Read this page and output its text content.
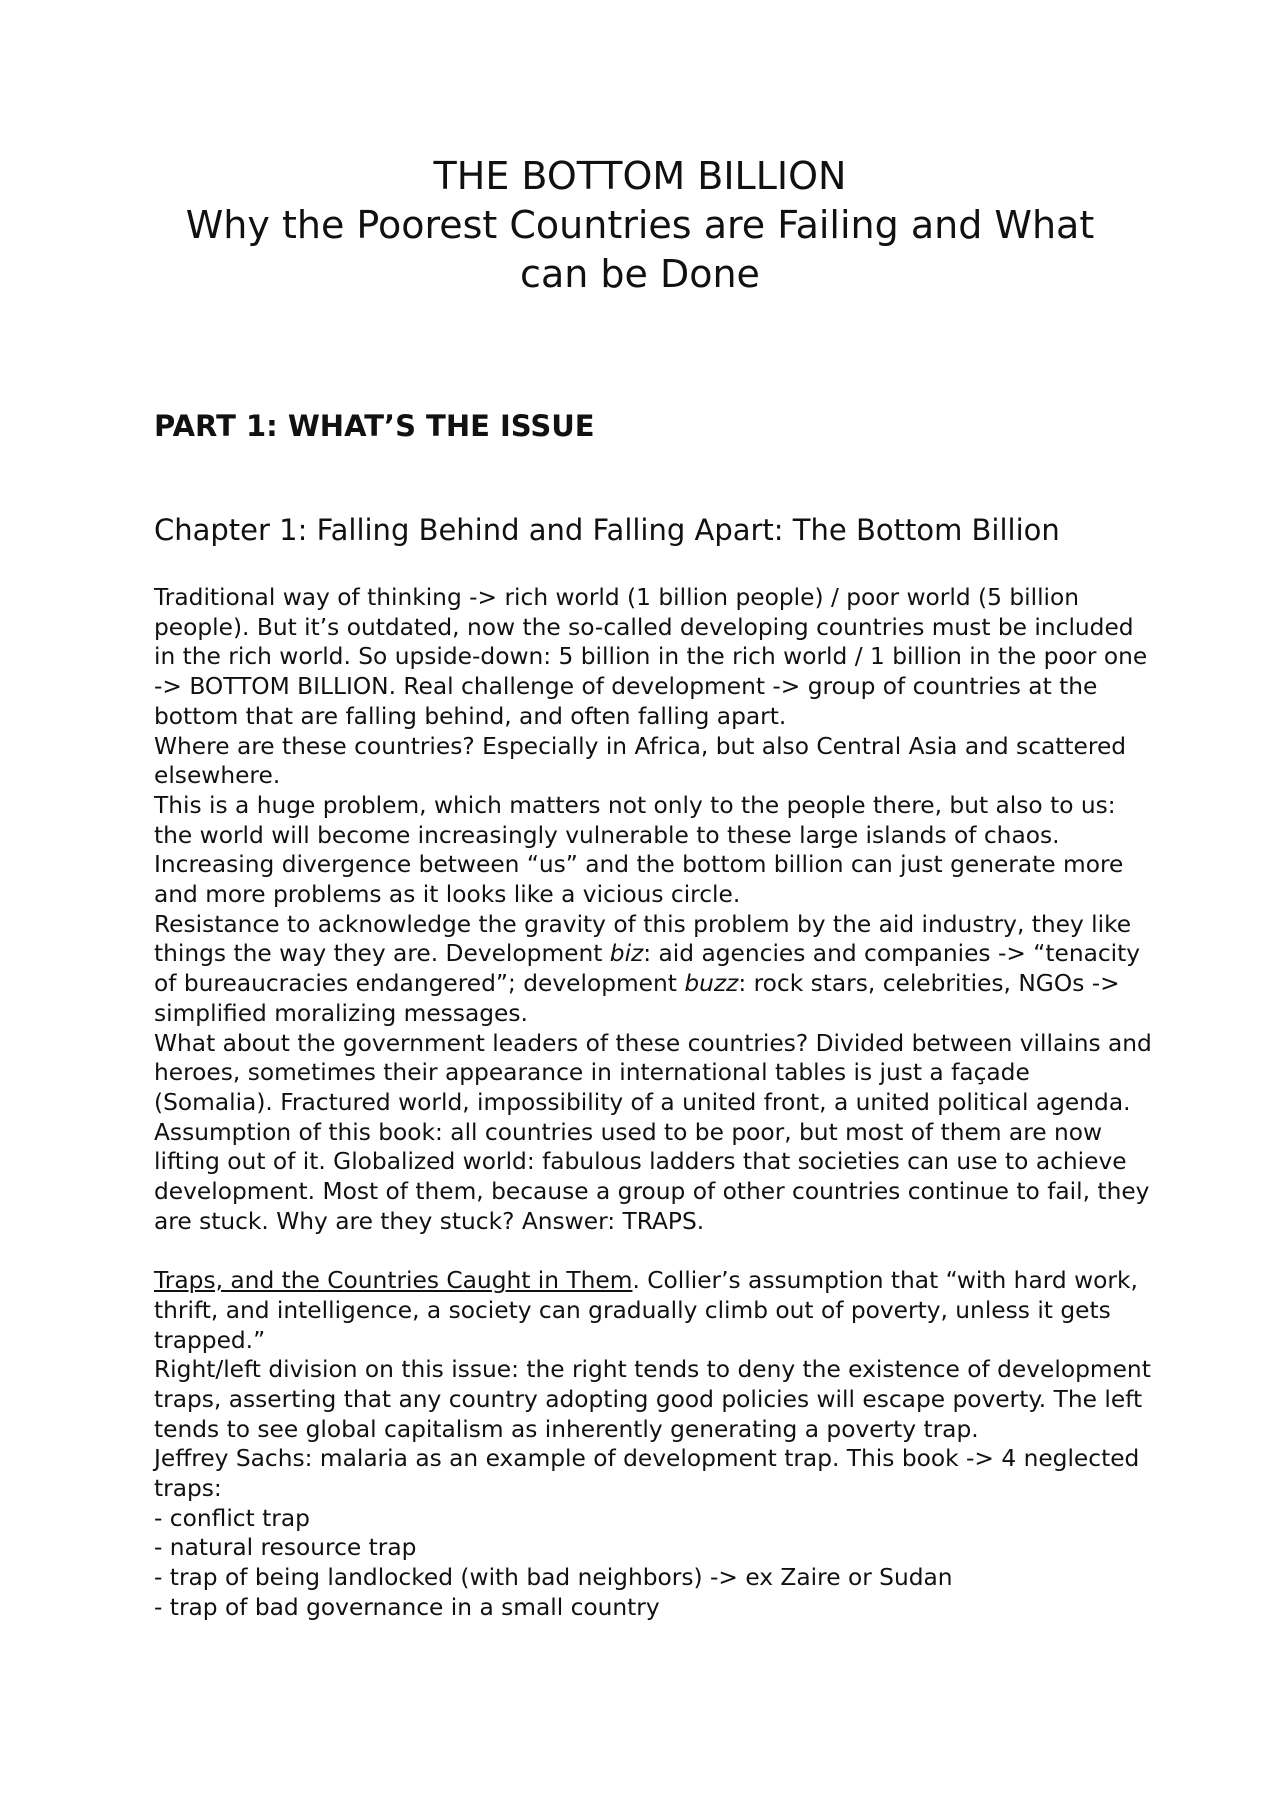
THE BOTTOM BILLION
Why the Poorest Countries are Failing and What
can be Done
PART 1: WHAT’S THE ISSUE
Chapter 1: Falling Behind and Falling Apart: The Bottom Billion

Traditional way of thinking -> rich world (1 billion people) / poor world (5 billion people). But it’s outdated, now the so-called developing countries must be included in the rich world. So upside-down: 5 billion in the rich world / 1 billion in the poor one -> BOTTOM BILLION. Real challenge of development -> group of countries at the bottom that are falling behind, and often falling apart.

Where are these countries? Especially in Africa, but also Central Asia and scattered elsewhere.

This is a huge problem, which matters not only to the people there, but also to us: the world will become increasingly vulnerable to these large islands of chaos. Increasing divergence between “us” and the bottom billion can just generate more and more problems as it looks like a vicious circle.

Resistance to acknowledge the gravity of this problem by the aid industry, they like things the way they are. Development biz: aid agencies and companies -> “tenacity of bureaucracies endangered”; development buzz: rock stars, celebrities, NGOs -> simplified moralizing messages.

What about the government leaders of these countries? Divided between villains and heroes, sometimes their appearance in international tables is just a façade (Somalia). Fractured world, impossibility of a united front, a united political agenda.

Assumption of this book: all countries used to be poor, but most of them are now lifting out of it. Globalized world: fabulous ladders that societies can use to achieve development. Most of them, because a group of other countries continue to fail, they are stuck. Why are they stuck? Answer: TRAPS.

Traps, and the Countries Caught in Them. Collier’s assumption that “with hard work, thrift, and intelligence, a society can gradually climb out of poverty, unless it gets trapped.”

Right/left division on this issue: the right tends to deny the existence of development traps, asserting that any country adopting good policies will escape poverty. The left tends to see global capitalism as inherently generating a poverty trap.

Jeffrey Sachs: malaria as an example of development trap. This book -> 4 neglected traps:

- conflict trap

- natural resource trap

- trap of being landlocked (with bad neighbors) -> ex Zaire or Sudan

- trap of bad governance in a small country
